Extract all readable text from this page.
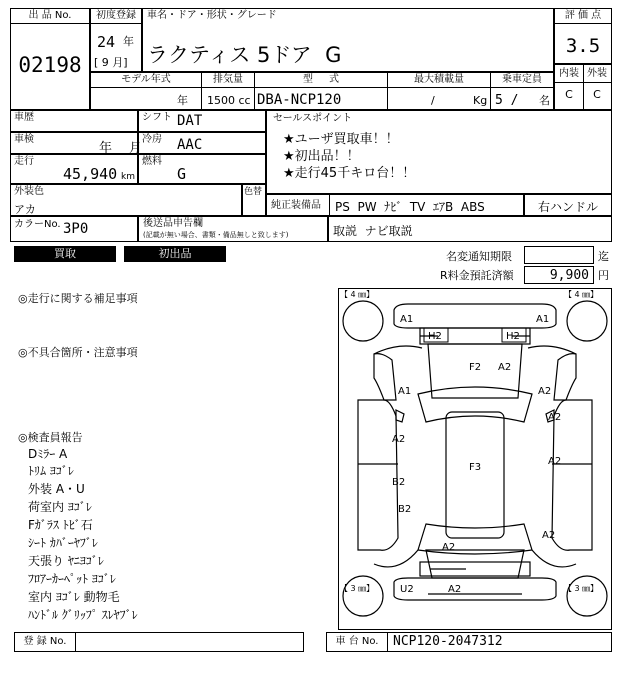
出 品 No.
02198
初度登録
24 年
[ 9 月]
車名・ドア・形状・グレード
ラクティス 5ドア  G
評 価 点
3.5
モデル年式
年
排気量
1500 cc
型     式
DBA-NCP120
最大積載量
/	Kg
乗車定員
5 / 名
内装 外装
C	C
車歴	シフト DAT
車検
年 月
冷房 AAC
走行
45,940 km
燃料
G
セールスポイント
★ユーザ買取車！！
★初出品！！
★走行45千キロ台！！
外装色
アカ
色替
純正装備品 PS  PW  ﾅﾋﾞ  TV  ｴｱB  ABS	右ハンドル
カラーNo. 3P0	後送品申告欄
(記載が無い場合、書類・備品無しと致します)	取説  ナビ取説
買取	初出品	名変通知期限	迄
R料金預託済額	9,900 円
◎走行に関する補足事項
◎不具合箇所・注意事項
◎検査員報告
Dﾐﾗｰ A
ﾄﾘﾑ ﾖｺﾞﾚ
外装 A・U
荷室内 ﾖｺﾞﾚ
Fｶﾞﾗｽ ﾄﾋﾞ石
ｼｰﾄ ｶﾊﾞｰﾔﾌﾞﾚ
天張り ﾔﾆﾖｺﾞﾚ
ﾌﾛｱｰｶｰﾍﾟｯﾄ ﾖｺﾞﾚ
室内 ﾖｺﾞﾚ 動物毛
ﾊﾝﾄﾞﾙ ｸﾞﾘｯﾌﾟ ｽﾚﾔﾌﾞﾚ
【 4 ㎜】	【 4 ㎜】
【 3 ㎜】	【 3 ㎜】
A1	A1
H2	H2
F2 A2
A1	A2
A2
A2
F3
A2
B2
B2
A2
A2
U2	A2
登 録 No.	車 台 No.	NCP120-2047312
